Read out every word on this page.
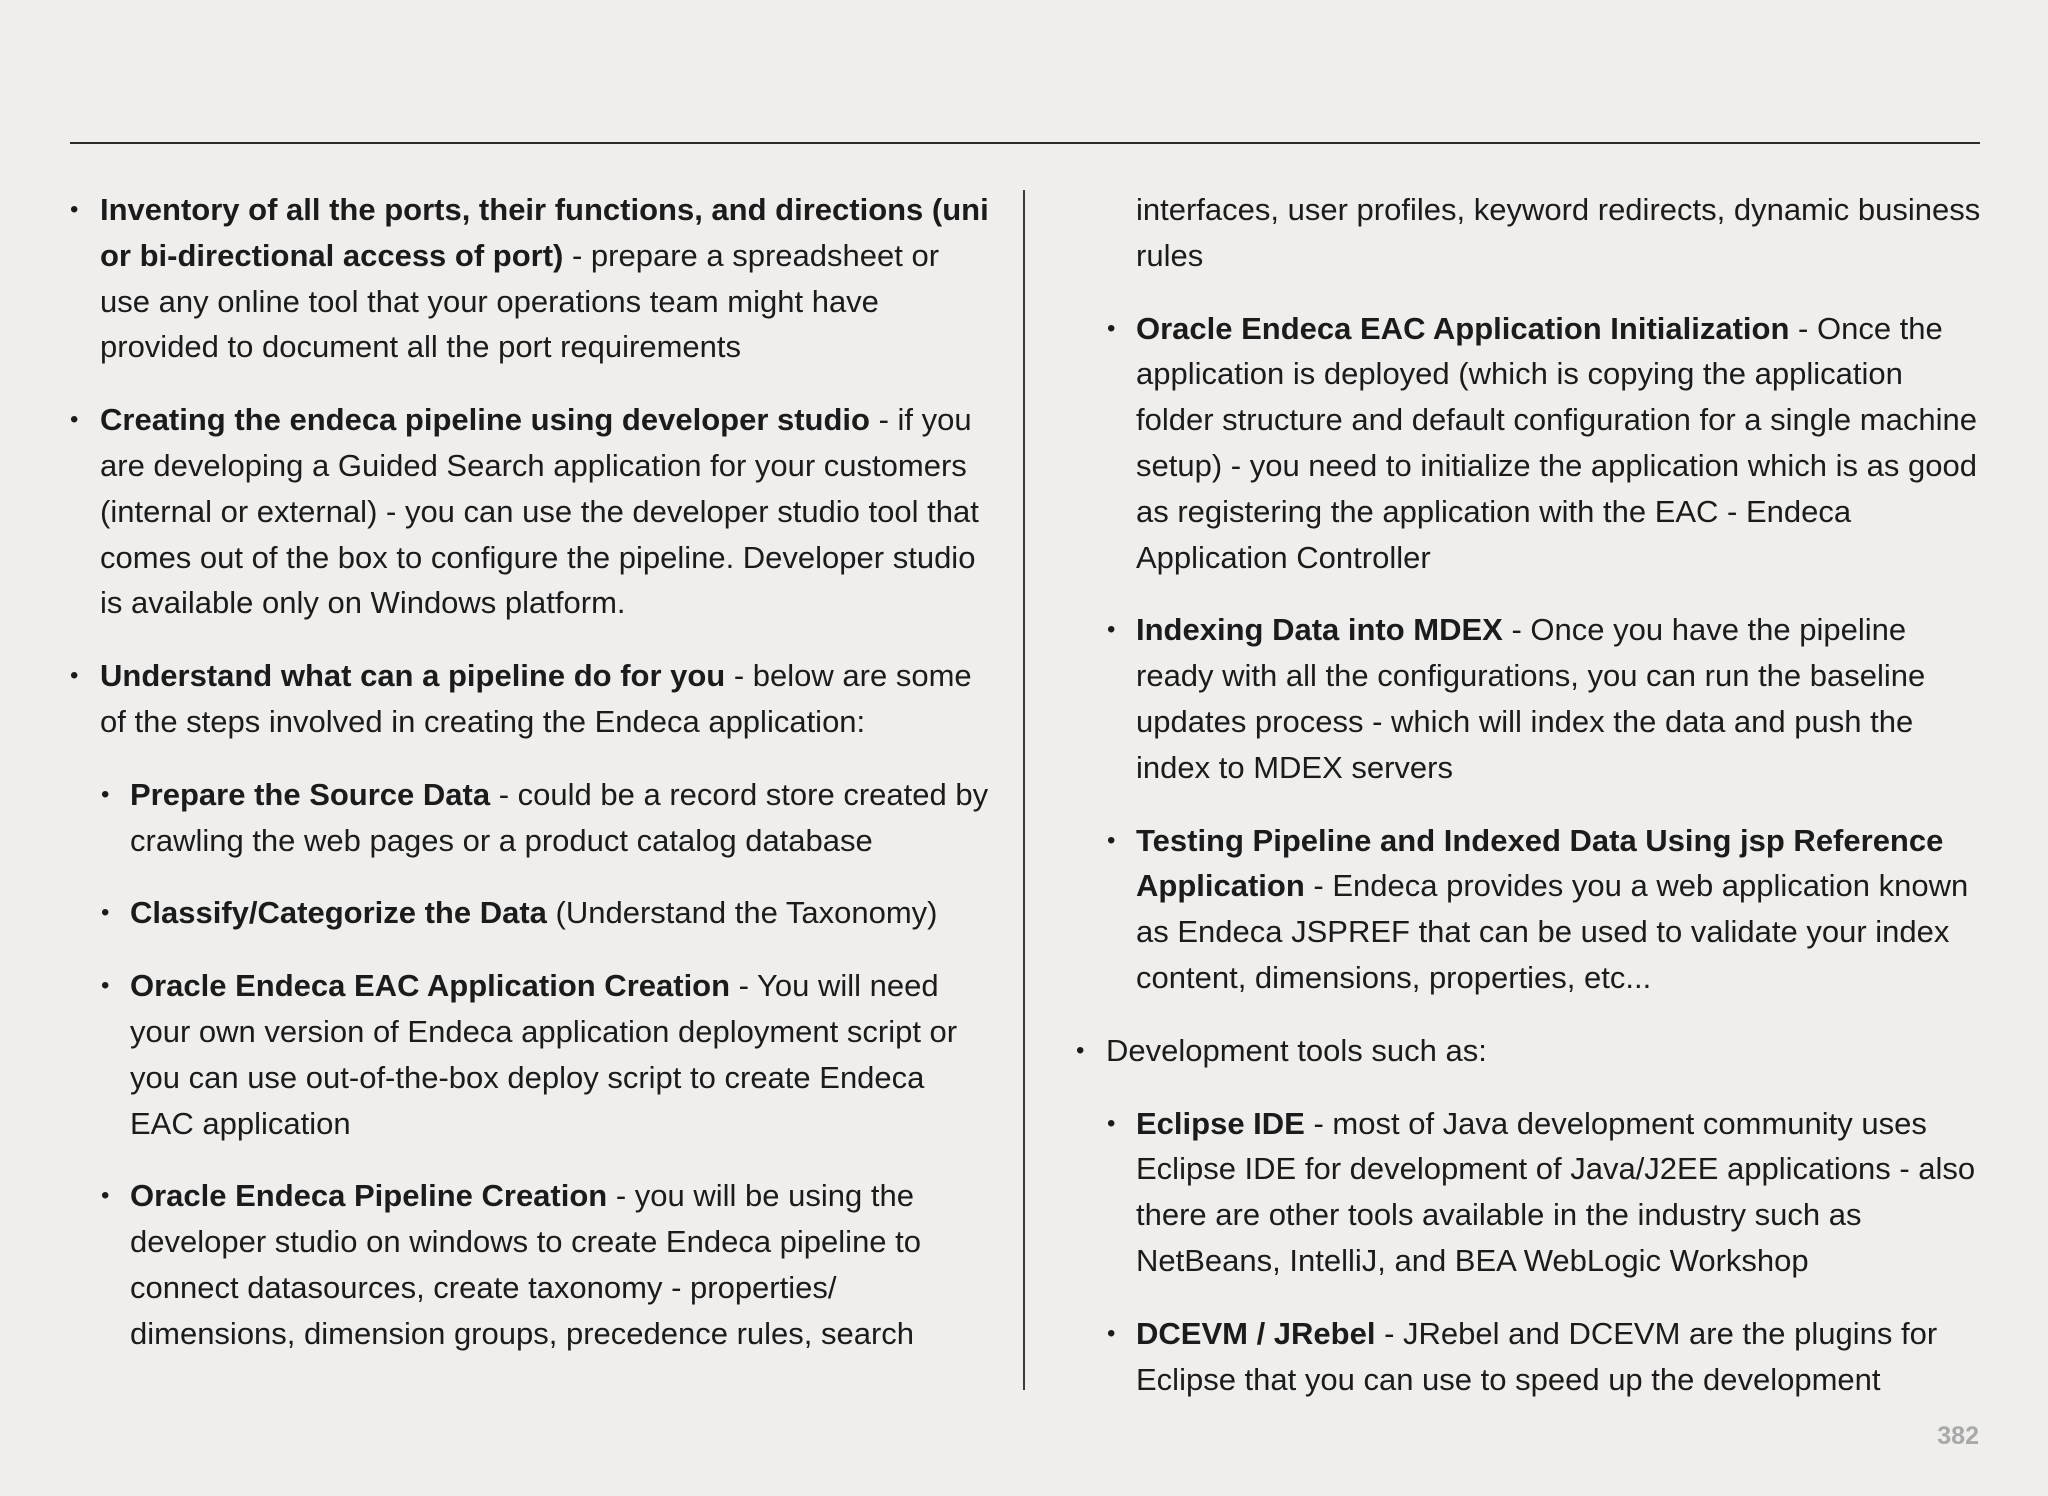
• Inventory of all the ports, their functions, and directions (uni or bi-directional access of port) - prepare a spreadsheet or use any online tool that your operations team might have provided to document all the port requirements
• Creating the endeca pipeline using developer studio - if you are developing a Guided Search application for your customers (internal or external) - you can use the developer studio tool that comes out of the box to configure the pipeline. Developer studio is available only on Windows platform.
• Understand what can a pipeline do for you - below are some of the steps involved in creating the Endeca application:
• Prepare the Source Data - could be a record store created by crawling the web pages or a product catalog database
• Classify/Categorize the Data (Understand the Taxonomy)
• Oracle Endeca EAC Application Creation - You will need your own version of Endeca application deployment script or you can use out-of-the-box deploy script to create Endeca EAC application
• Oracle Endeca Pipeline Creation - you will be using the developer studio on windows to create Endeca pipeline to connect datasources, create taxonomy - properties/ dimensions, dimension groups, precedence rules, search
interfaces, user profiles, keyword redirects, dynamic business rules
• Oracle Endeca EAC Application Initialization - Once the application is deployed (which is copying the application folder structure and default configuration for a single machine setup) - you need to initialize the application which is as good as registering the application with the EAC - Endeca Application Controller
• Indexing Data into MDEX - Once you have the pipeline ready with all the configurations, you can run the baseline updates process - which will index the data and push the index to MDEX servers
• Testing Pipeline and Indexed Data Using jsp Reference Application - Endeca provides you a web application known as Endeca JSPREF that can be used to validate your index content, dimensions, properties, etc...
• Development tools such as:
• Eclipse IDE - most of Java development community uses Eclipse IDE for development of Java/J2EE applications - also there are other tools available in the industry such as NetBeans, IntelliJ, and BEA WebLogic Workshop
• DCEVM / JRebel - JRebel and DCEVM are the plugins for Eclipse that you can use to speed up the development
382
